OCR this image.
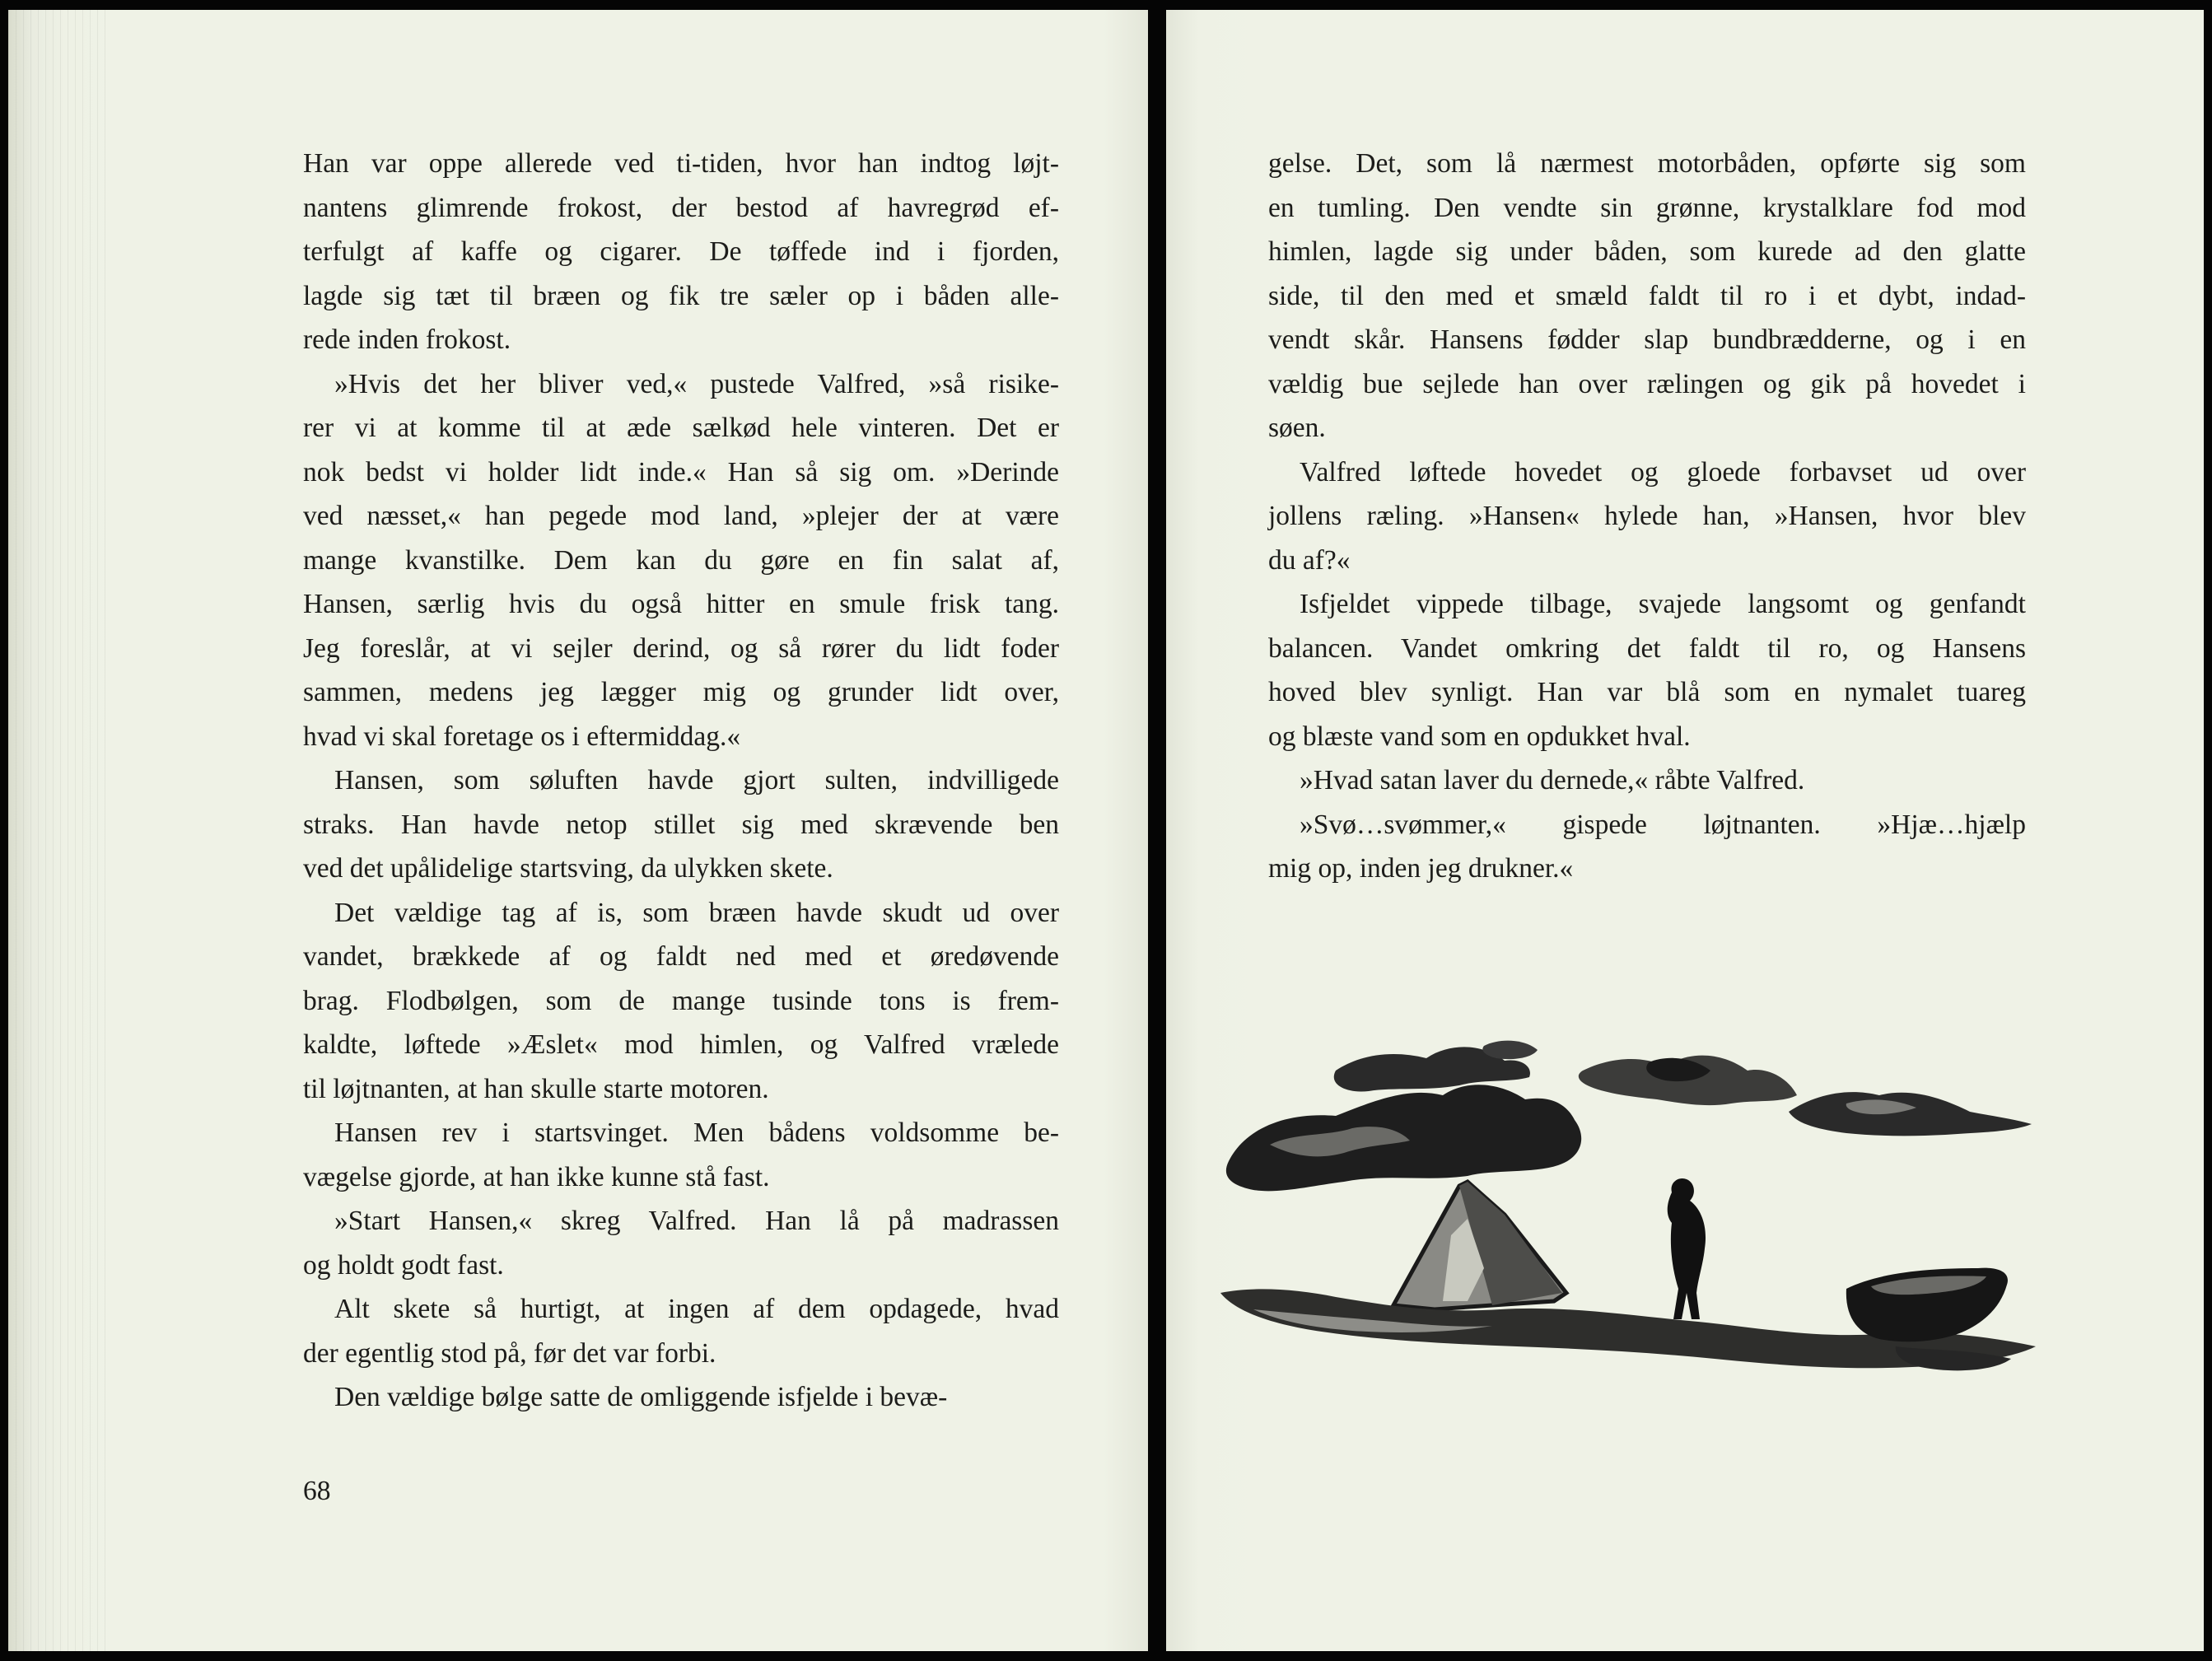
Han var oppe allerede ved ti-tiden, hvor han indtog løjt-
nantens glimrende frokost, der bestod af havregrød ef-
terfulgt af kaffe og cigarer. De tøffede ind i fjorden,
lagde sig tæt til bræen og fik tre sæler op i båden alle-
rede inden frokost.
»Hvis det her bliver ved,« pustede Valfred, »så risike-
rer vi at komme til at æde sælkød hele vinteren. Det er
nok bedst vi holder lidt inde.« Han så sig om. »Derinde
ved næsset,« han pegede mod land, »plejer der at være
mange kvanstilke. Dem kan du gøre en fin salat af,
Hansen, særlig hvis du også hitter en smule frisk tang.
Jeg foreslår, at vi sejler derind, og så rører du lidt foder
sammen, medens jeg lægger mig og grunder lidt over,
hvad vi skal foretage os i eftermiddag.«
Hansen, som søluften havde gjort sulten, indvilligede
straks. Han havde netop stillet sig med skrævende ben
ved det upålidelige startsving, da ulykken skete.
Det vældige tag af is, som bræen havde skudt ud over
vandet, brækkede af og faldt ned med et øredøvende
brag. Flodbølgen, som de mange tusinde tons is frem-
kaldte, løftede »Æslet« mod himlen, og Valfred vrælede
til løjtnanten, at han skulle starte motoren.
Hansen rev i startsvinget. Men bådens voldsomme be-
vægelse gjorde, at han ikke kunne stå fast.
»Start Hansen,« skreg Valfred. Han lå på madrassen
og holdt godt fast.
Alt skete så hurtigt, at ingen af dem opdagede, hvad
der egentlig stod på, før det var forbi.
Den vældige bølge satte de omliggende isfjelde i bevæ-
68
gelse. Det, som lå nærmest motorbåden, opførte sig som
en tumling. Den vendte sin grønne, krystalklare fod mod
himlen, lagde sig under båden, som kurede ad den glatte
side, til den med et smæld faldt til ro i et dybt, indad-
vendt skår. Hansens fødder slap bundbrædderne, og i en
vældig bue sejlede han over rælingen og gik på hovedet i
søen.
Valfred løftede hovedet og gloede forbavset ud over
jollens ræling. »Hansen« hylede han, »Hansen, hvor blev
du af?«
Isfjeldet vippede tilbage, svajede langsomt og genfandt
balancen. Vandet omkring det faldt til ro, og Hansens
hoved blev synligt. Han var blå som en nymalet tuareg
og blæste vand som en opdukket hval.
»Hvad satan laver du dernede,« råbte Valfred.
»Svø…svømmer,« gispede løjtnanten. »Hjæ…hjælp
mig op, inden jeg drukner.«
